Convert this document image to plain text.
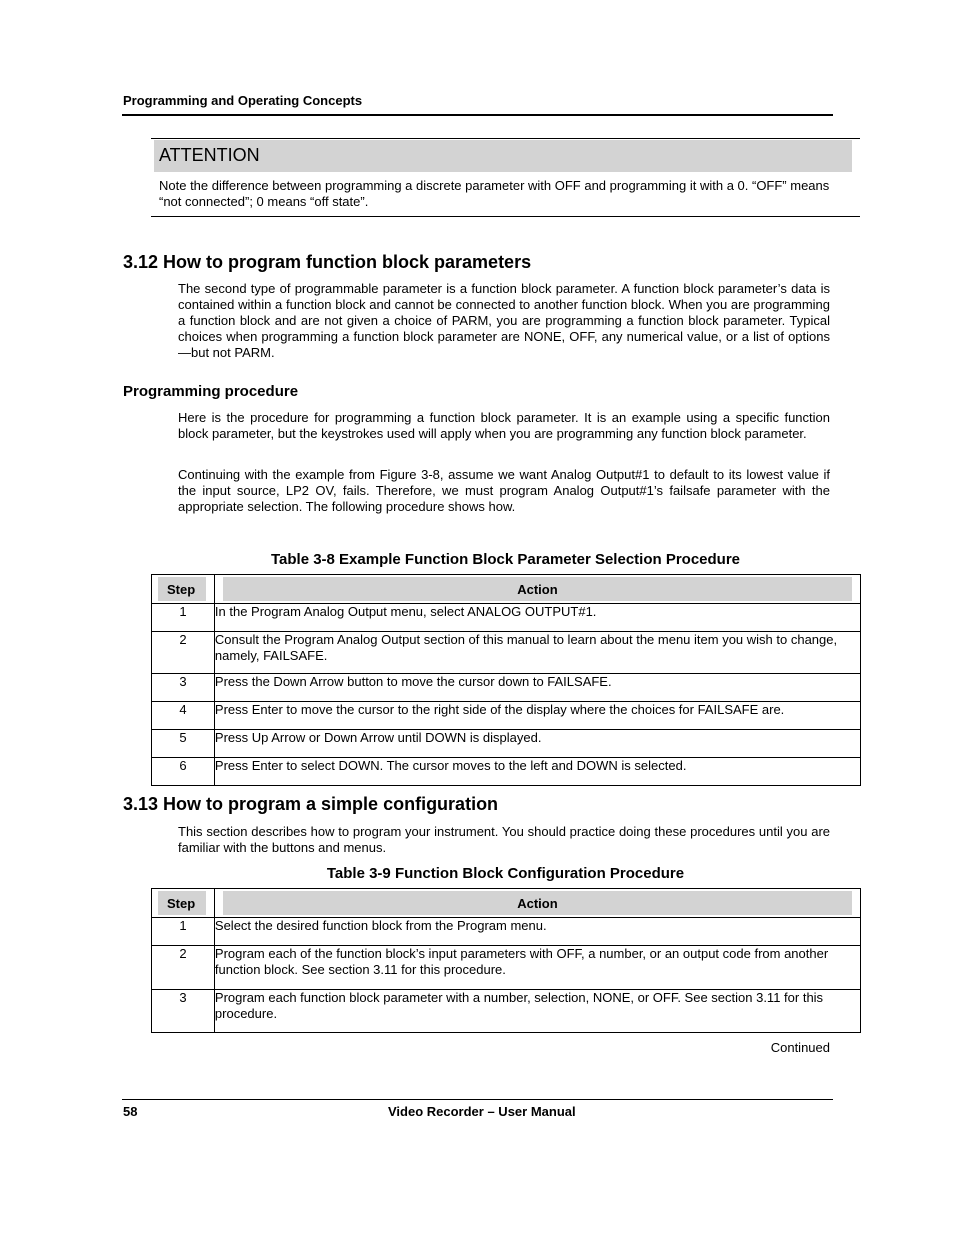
Programming and Operating Concepts
ATTENTION
Note the difference between programming a discrete parameter with OFF and programming it with a 0. “OFF” means “not connected”; 0 means “off state”.
3.12 How to program function block parameters
The second type of programmable parameter is a function block parameter. A function block parameter’s data is contained within a function block and cannot be connected to another function block. When you are programming a function block and are not given a choice of PARM, you are programming a function block parameter. Typical choices when programming a function block parameter are NONE, OFF, any numerical value, or a list of options—but not PARM.
Programming procedure
Here is the procedure for programming a function block parameter. It is an example using a specific function block parameter, but the keystrokes used will apply when you are programming any function block parameter.
Continuing with the example from Figure 3-8, assume we want Analog Output#1 to default to its lowest value if the input source, LP2 OV, fails. Therefore, we must program Analog Output#1’s failsafe parameter with the appropriate selection. The following procedure shows how.
Table 3-8 Example Function Block Parameter Selection Procedure
Step	Action

1	In the Program Analog Output menu, select ANALOG OUTPUT#1.
2	Consult the Program Analog Output section of this manual to learn about the menu item you wish to change, namely, FAILSAFE.
3	Press the Down Arrow button to move the cursor down to FAILSAFE.
4	Press Enter to move the cursor to the right side of the display where the choices for FAILSAFE are.
5	Press Up Arrow or Down Arrow until DOWN is displayed.
6	Press Enter to select DOWN. The cursor moves to the left and DOWN is selected.
3.13 How to program a simple configuration
This section describes how to program your instrument. You should practice doing these procedures until you are familiar with the buttons and menus.
Table 3-9 Function Block Configuration Procedure
Step	Action

1	Select the desired function block from the Program menu.
2	Program each of the function block’s input parameters with OFF, a number, or an output code from another function block. See section 3.11 for this procedure.
3	Program each function block parameter with a number, selection, NONE, or OFF. See section 3.11 for this procedure.
Continued
58	Video Recorder – User Manual
